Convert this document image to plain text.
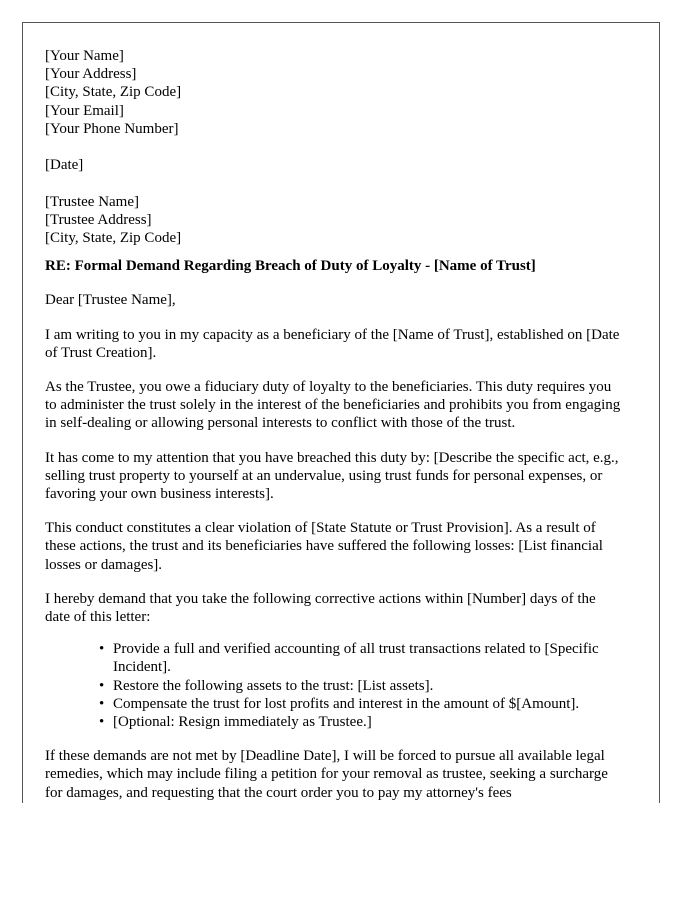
[Your Name]
[Your Address]
[City, State, Zip Code]
[Your Email]
[Your Phone Number]
[Date]
[Trustee Name]
[Trustee Address]
[City, State, Zip Code]
RE: Formal Demand Regarding Breach of Duty of Loyalty - [Name of Trust]
Dear [Trustee Name],

I am writing to you in my capacity as a beneficiary of the [Name of Trust], established on [Date of Trust Creation].

As the Trustee, you owe a fiduciary duty of loyalty to the beneficiaries. This duty requires you to administer the trust solely in the interest of the beneficiaries and prohibits you from engaging in self-dealing or allowing personal interests to conflict with those of the trust.

It has come to my attention that you have breached this duty by: [Describe the specific act, e.g., selling trust property to yourself at an undervalue, using trust funds for personal expenses, or favoring your own business interests].

This conduct constitutes a clear violation of [State Statute or Trust Provision]. As a result of these actions, the trust and its beneficiaries have suffered the following losses: [List financial losses or damages].

I hereby demand that you take the following corrective actions within [Number] days of the date of this letter:

• Provide a full and verified accounting of all trust transactions related to [Specific Incident].
• Restore the following assets to the trust: [List assets].
• Compensate the trust for lost profits and interest in the amount of $[Amount].
• [Optional: Resign immediately as Trustee.]

If these demands are not met by [Deadline Date], I will be forced to pursue all available legal remedies, which may include filing a petition for your removal as trustee, seeking a surcharge for damages, and requesting that the court order you to pay my attorney's fees
